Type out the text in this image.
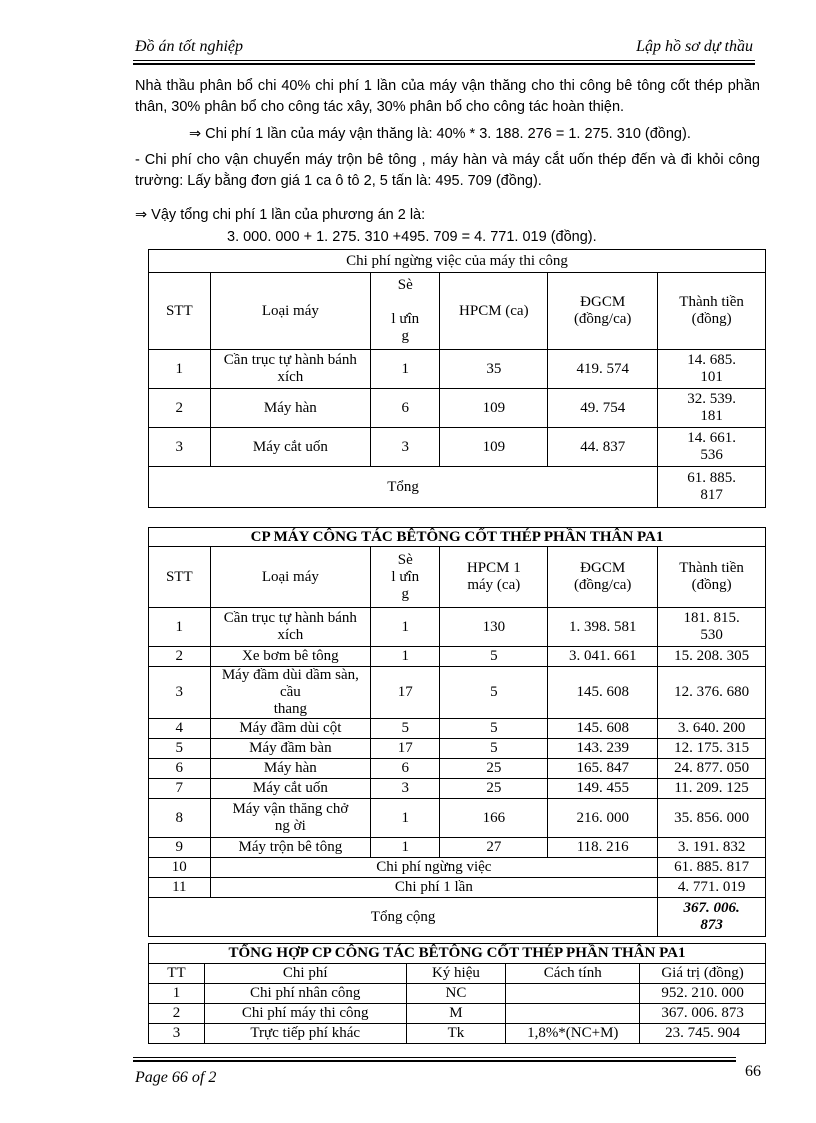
Đồ án tốt nghiệp	Lập hồ sơ dự thầu
Nhà thầu phân bổ chi 40% chi phí 1 lần của máy vận thăng cho thi công bê tông cốt thép phần thân, 30% phân bổ cho công tác xây, 30% phân bổ cho công tác hoàn thiện.
⇒ Chi phí 1 lần của máy vận thăng là: 40% * 3. 188. 276 = 1. 275. 310 (đồng).
- Chi phí cho vận chuyển máy trộn bê tông , máy hàn và máy cắt uốn thép đến và đi khỏi công trường: Lấy bằng đơn giá 1 ca ô tô 2, 5 tấn là: 495. 709 (đồng).
⇒ Vậy tổng chi phí 1 lần của phương án 2 là:
3. 000. 000 + 1. 275. 310 +495. 709 = 4. 771. 019 (đồng).
Chi phí ngừng việc của máy thi công					
STT	Loại máy	Sè

l ưîn
g	HPCM (ca)	ĐGCM
(đồng/ca)	Thành tiền
(đồng)
1	Cần trục tự hành bánh xích	1	35	419. 574	14. 685.
101
2	Máy hàn	6	109	49. 754	32. 539.
181
3	Máy cắt uốn	3	109	44. 837	14. 661.
536
Tổng					61. 885.
817
CP MÁY CÔNG TÁC BÊTÔNG CỐT THÉP PHẦN THÂN PA1					
STT	Loại máy	Sè
l ưîn
g	HPCM 1
máy (ca)	ĐGCM
(đồng/ca)	Thành tiền
(đồng)
1	Cần trục tự hành bánh xích	1	130	1. 398. 581	181. 815.
530
2	Xe bơm bê tông	1	5	3. 041. 661	15. 208. 305
3	Máy đầm dùi dầm sàn, cầu
thang	17	5	145. 608	12. 376. 680
4	Máy đầm dùi cột	5	5	145. 608	3. 640. 200
5	Máy đầm bàn	17	5	143. 239	12. 175. 315
6	Máy hàn	6	25	165. 847	24. 877. 050
7	Máy cắt uốn	3	25	149. 455	11. 209. 125
8	Máy vận thăng chở
ng ời	1	166	216. 000	35. 856. 000
9	Máy trộn bê tông	1	27	118. 216	3. 191. 832
10	Chi phí ngừng việc				61. 885. 817
11	Chi phí 1 lần				4. 771. 019
Tổng cộng					367. 006.
873
TỔNG HỢP CP CÔNG TÁC BÊTÔNG CỐT THÉP PHẦN THÂN PA1				
TT	Chi phí	Ký hiệu	Cách tính	Giá trị (đồng)
1	Chi phí nhân công	NC		952. 210. 000
2	Chi phí máy thi công	M		367. 006. 873
3	Trực tiếp phí khác	Tk	1,8%*(NC+M)	23. 745. 904
Page 66 of 2	66
